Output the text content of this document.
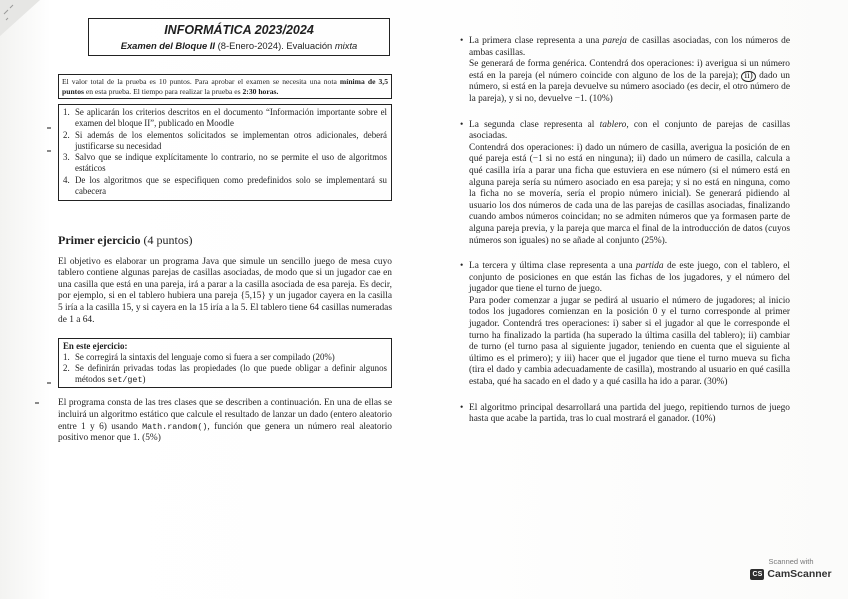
INFORMÁTICA 2023/2024
Examen del Bloque II (8-Enero-2024). Evaluación mixta
El valor total de la prueba es 10 puntos. Para aprobar el examen se necesita una nota mínima de 3,5 puntos en esta prueba. El tiempo para realizar la prueba es 2:30 horas.
1. Se aplicarán los criterios descritos en el documento “Información importante sobre el examen del bloque II”, publicado en Moodle
2. Si además de los elementos solicitados se implementan otros adicionales, deberá justificarse su necesidad
3. Salvo que se indique explícitamente lo contrario, no se permite el uso de algoritmos estáticos
4. De los algoritmos que se especifiquen como predefinidos solo se implementará su cabecera
Primer ejercicio (4 puntos)
El objetivo es elaborar un programa Java que simule un sencillo juego de mesa cuyo tablero contiene algunas parejas de casillas asociadas, de modo que si un jugador cae en una casilla que está en una pareja, irá a parar a la casilla asociada de esa pareja. Es decir, por ejemplo, si en el tablero hubiera una pareja {5,15} y un jugador cayera en la casilla 5 iría a la casilla 15, y si cayera en la 15 iría a la 5. El tablero tiene 64 casillas numeradas de 1 a 64.
En este ejercicio:
1. Se corregirá la sintaxis del lenguaje como si fuera a ser compilado (20%)
2. Se definirán privadas todas las propiedades (lo que puede obligar a definir algunos métodos set/get)
El programa consta de las tres clases que se describen a continuación. En una de ellas se incluirá un algoritmo estático que calcule el resultado de lanzar un dado (entero aleatorio entre 1 y 6) usando Math.random(), función que genera un número real aleatorio positivo menor que 1. (5%)
• La primera clase representa a una pareja de casillas asociadas, con los números de ambas casillas.

Se generará de forma genérica. Contendrá dos operaciones: i) averigua si un número está en la pareja (el número coincide con alguno de los de la pareja); ii) dado un número, si está en la pareja devuelve su número asociado (es decir, el otro número de la pareja), y si no, devuelve −1. (10%)

• La segunda clase representa al tablero, con el conjunto de parejas de casillas asociadas.

Contendrá dos operaciones: i) dado un número de casilla, averigua la posición de en qué pareja está (−1 si no está en ninguna); ii) dado un número de casilla, calcula a qué casilla iría a parar una ficha que estuviera en ese número (si el número está en alguna pareja sería su número asociado en esa pareja; y si no está en ninguna, como la ficha no se movería, sería el propio número inicial). Se generará pidiendo al usuario los dos números de cada una de las parejas de casillas asociadas, finalizando cuando ambos números coincidan; no se admiten números que ya formasen parte de alguna pareja previa, y la pareja que marca el final de la introducción de datos (cuyos números son iguales) no se añade al conjunto (25%).

• La tercera y última clase representa a una partida de este juego, con el tablero, el conjunto de posiciones en que están las fichas de los jugadores, y el número del jugador que tiene el turno de juego.

Para poder comenzar a jugar se pedirá al usuario el número de jugadores; al inicio todos los jugadores comienzan en la posición 0 y el turno corresponde al primer jugador. Contendrá tres operaciones: i) saber si el jugador al que le corresponde el turno ha finalizado la partida (ha superado la última casilla del tablero); ii) cambiar de turno (el turno pasa al siguiente jugador, teniendo en cuenta que el siguiente al último es el primero); y iii) hacer que el jugador que tiene el turno mueva su ficha (tira el dado y cambia adecuadamente de casilla), mostrando al usuario en qué casilla estaba, qué ha sacado en el dado y a qué casilla ha ido a parar. (30%)

• El algoritmo principal desarrollará una partida del juego, repitiendo turnos de juego hasta que acabe la partida, tras lo cual mostrará el ganador. (10%)
Scanned with
CS CamScanner
